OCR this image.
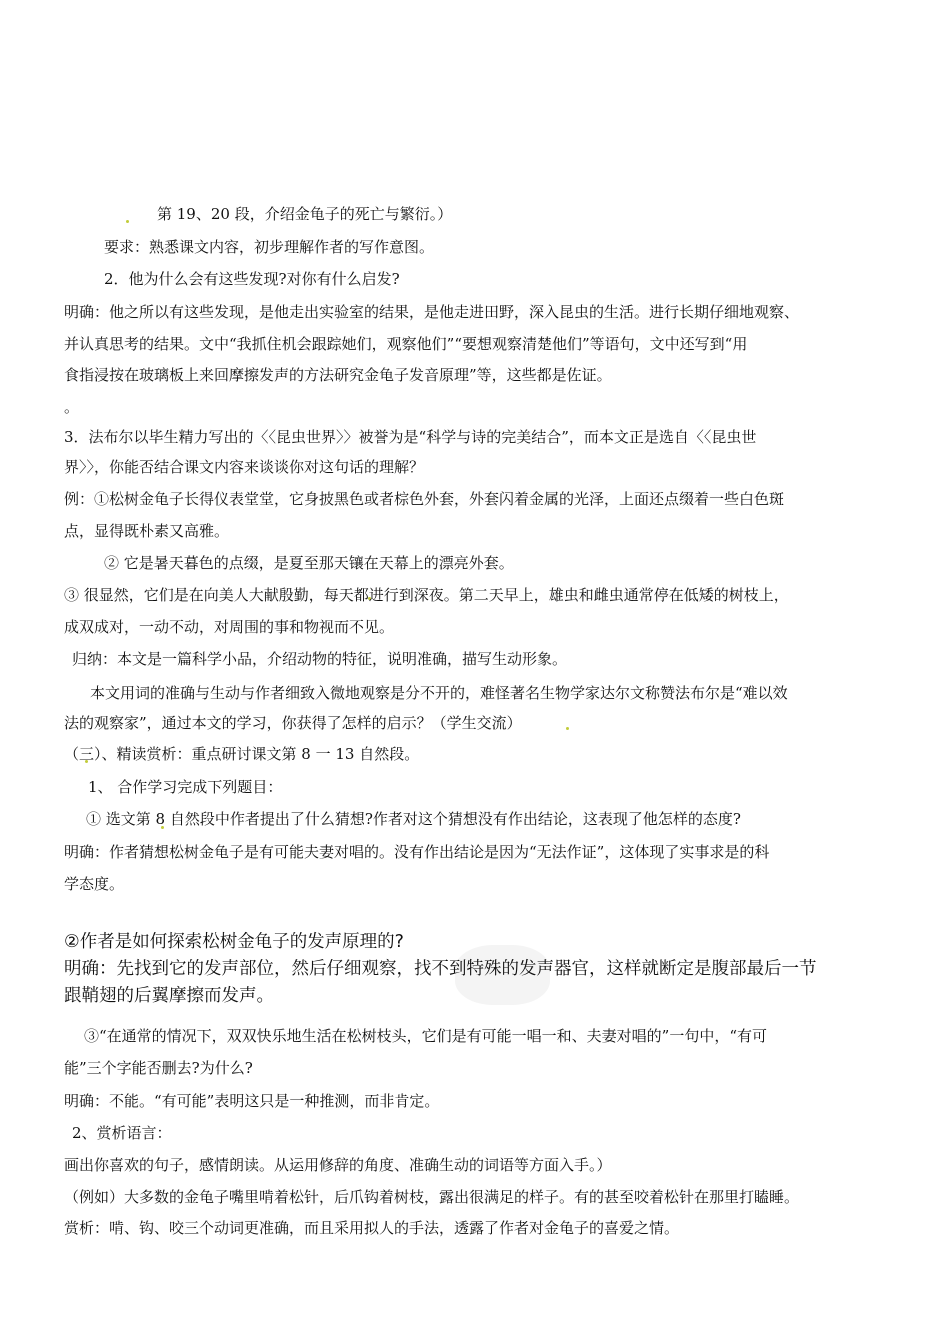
第 19、20 段，介绍金龟子的死亡与繁衍。）
要求：熟悉课文内容，初步理解作者的写作意图。
2．他为什么会有这些发现?对你有什么启发?
明确：他之所以有这些发现，是他走出实验室的结果，是他走进田野，深入昆虫的生活。进行长期仔细地观察、
并认真思考的结果。文中“我抓住机会跟踪她们，观察他们”“要想观察清楚他们”等语句，文中还写到“用
食指浸按在玻璃板上来回摩擦发声的方法研究金龟子发音原理”等，这些都是佐证。
。
3．法布尔以毕生精力写出的〈〈昆虫世界〉〉被誉为是“科学与诗的完美结合”，而本文正是选自〈〈昆虫世
界〉〉，你能否结合课文内容来谈谈你对这句话的理解？
例：①松树金龟子长得仪表堂堂，它身披黑色或者棕色外套，外套闪着金属的光泽，上面还点缀着一些白色斑
点，显得既朴素又高雅。
② 它是暑天暮色的点缀，是夏至那天镶在天幕上的漂亮外套。
③ 很显然，它们是在向美人大献殷勤，每天都进行到深夜。第二天早上，雄虫和雌虫通常停在低矮的树枝上，
成双成对，一动不动，对周围的事和物视而不见。
归纳：本文是一篇科学小品，介绍动物的特征，说明准确，描写生动形象。
本文用词的准确与生动与作者细致入微地观察是分不开的，难怪著名生物学家达尔文称赞法布尔是“难以效
法的观察家”，通过本文的学习，你获得了怎样的启示？（学生交流）
（三）、精读赏析：重点研讨课文第 8 一 13 自然段。
1、 合作学习完成下列题目：
① 选文第 8 自然段中作者提出了什么猜想?作者对这个猜想没有作出结论，这表现了他怎样的态度?
明确：作者猜想松树金龟子是有可能夫妻对唱的。没有作出结论是因为“无法作证”，这体现了实事求是的科
学态度。
②作者是如何探索松树金龟子的发声原理的?
明确：先找到它的发声部位，然后仔细观察，找不到特殊的发声器官，这样就断定是腹部最后一节
跟鞘翅的后翼摩擦而发声。
③“在通常的情况下，双双快乐地生活在松树枝头，它们是有可能一唱一和、夫妻对唱的”一句中，“有可
能”三个字能否删去?为什么?
明确：不能。“有可能”表明这只是一种推测，而非肯定。
2、赏析语言：
画出你喜欢的句子，感情朗读。从运用修辞的角度、准确生动的词语等方面入手。）
（例如）大多数的金龟子嘴里啃着松针，后爪钩着树枝，露出很满足的样子。有的甚至咬着松针在那里打瞌睡。
赏析：啃、钩、咬三个动词更准确，而且采用拟人的手法，透露了作者对金龟子的喜爱之情。
